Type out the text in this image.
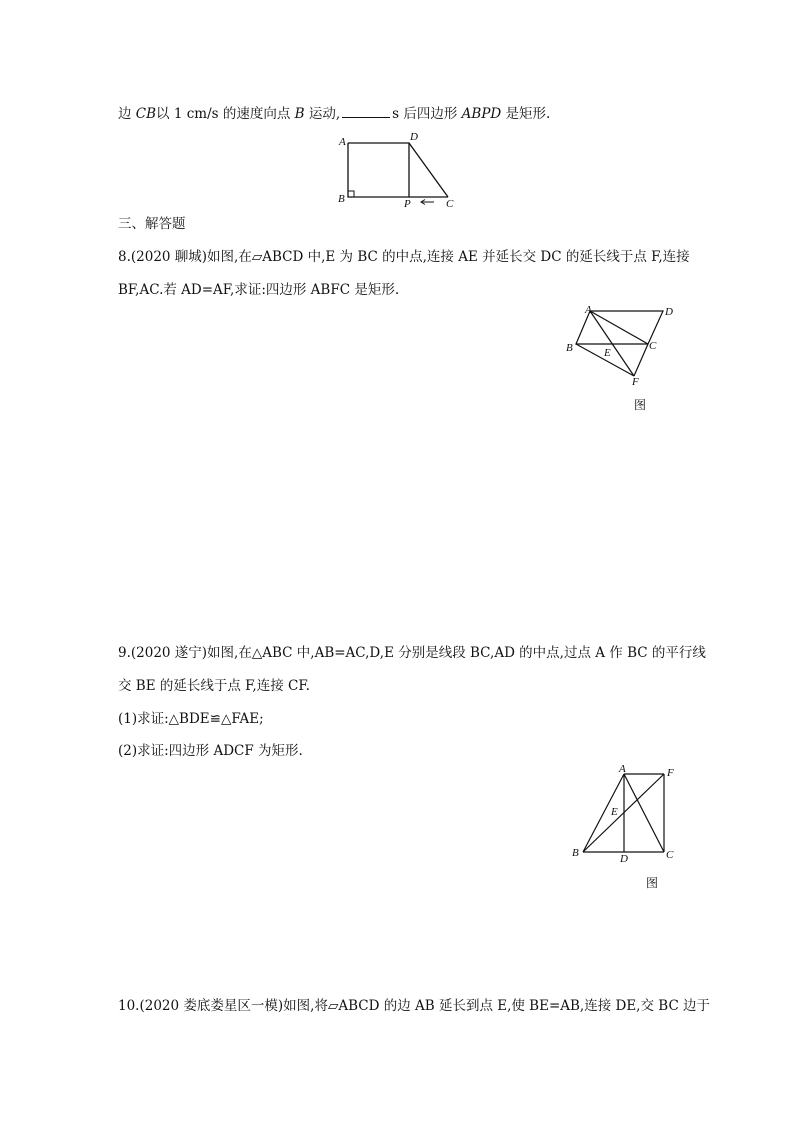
边 CB以 1 cm/s 的速度向点 B 运动,	s 后四边形 ABPD 是矩形.
A
B
D
P	C
三、解答题
8.(2020 聊城)如图,在▱ABCD 中,E 为 BC 的中点,连接 AE 并延长交 DC 的延长线于点 F,连接
BF,AC.若 AD=AF,求证:四边形 ABFC 是矩形.
A	D
B	C
E
F
图
9.(2020 遂宁)如图,在△ABC 中,AB=AC,D,E 分别是线段 BC,AD 的中点,过点 A 作 BC 的平行线
交 BE 的延长线于点 F,连接 CF.
(1)求证:△BDE≌△FAE;
(2)求证:四边形 ADCF 为矩形.
A	F
E
B	D	C
图
10.(2020 娄底娄星区一模)如图,将▱ABCD 的边 AB 延长到点 E,使 BE=AB,连接 DE,交 BC 边于
